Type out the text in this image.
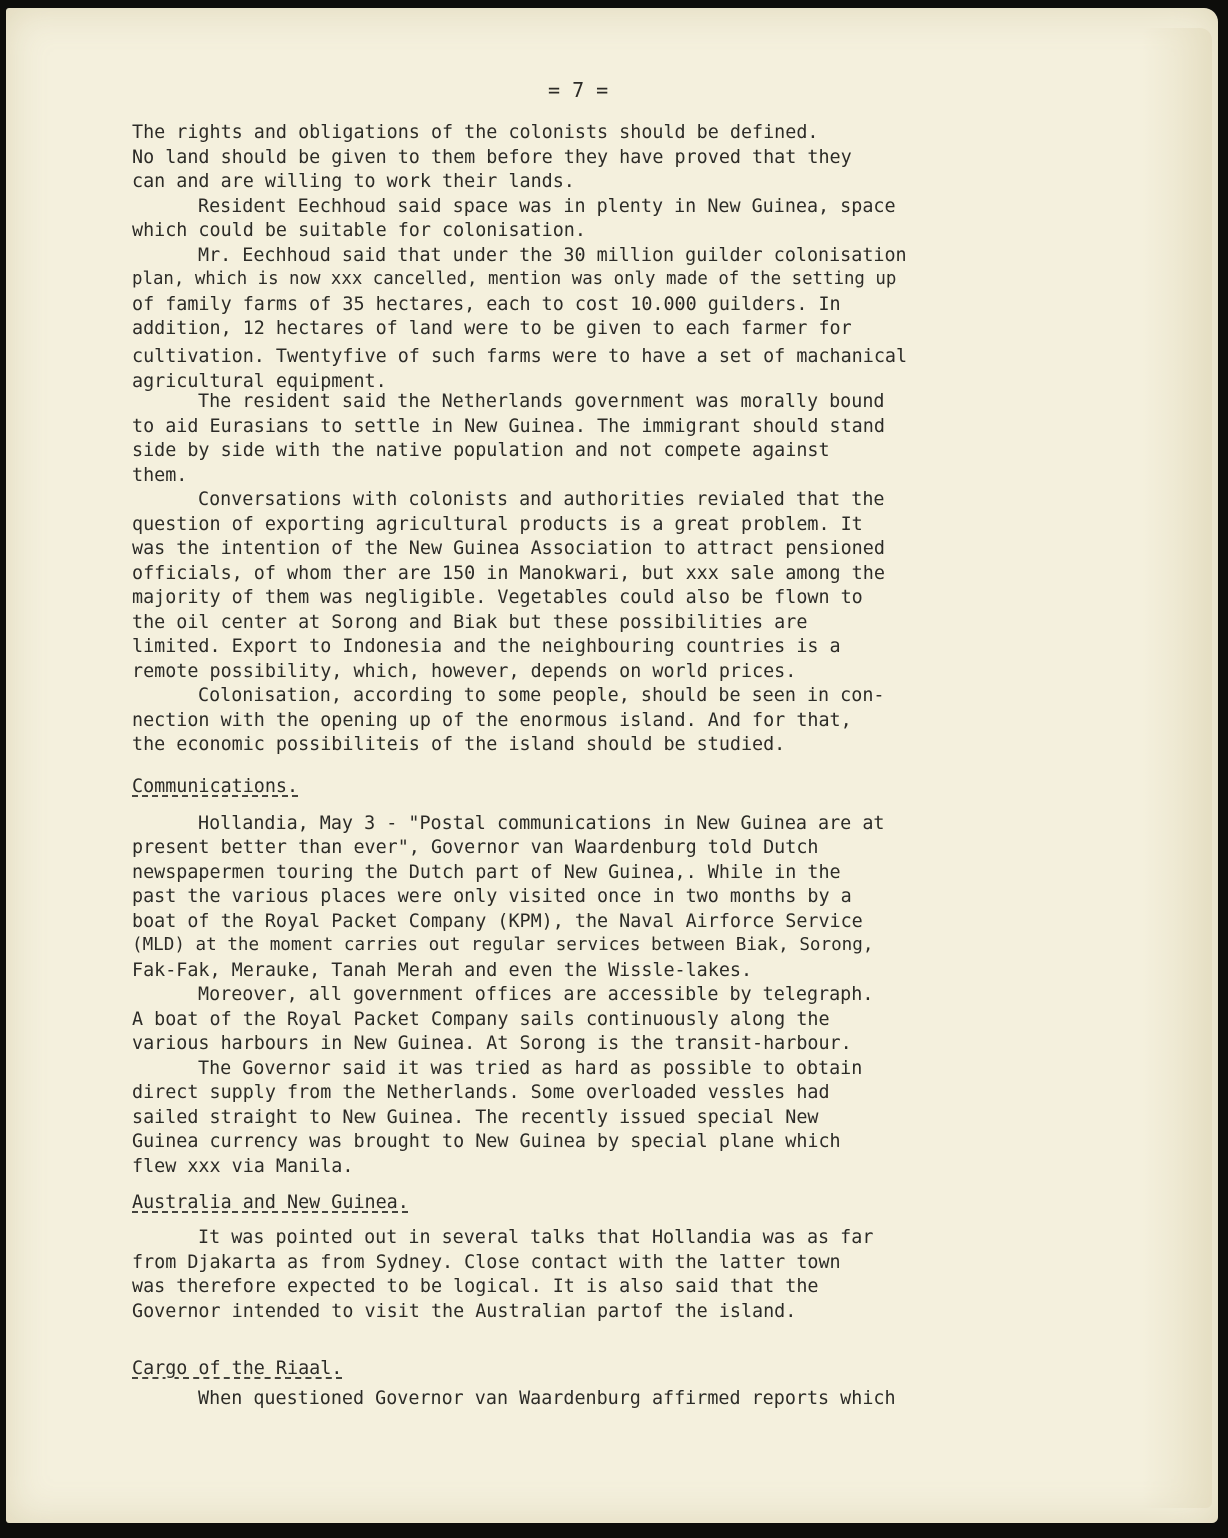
= 7 =

The rights and obligations of the colonists should be defined.

No land should be given to them before they have proved that they

can and are willing to work their lands.

Resident Eechhoud said space was in plenty in New Guinea, space

which could be suitable for colonisation.

Mr. Eechhoud said that under the 30 million guilder colonisation

plan, which is now xxx cancelled, mention was only made of the setting up

of family farms of 35 hectares, each to cost 10.000 guilders. In

addition, 12 hectares of land were to be given to each farmer for

cultivation. Twentyfive of such farms were to have a set of machanical agricultural equipment.

The resident said the Netherlands government was morally bound

to aid Eurasians to settle in New Guinea. The immigrant should stand

side by side with the native population and not compete against

them.

Conversations with colonists and authorities revialed that the

question of exporting agricultural products is a great problem. It

was the intention of the New Guinea Association to attract pensioned

officials, of whom ther are 150 in Manokwari, but xxx sale among the

majority of them was negligible. Vegetables could also be flown to

the oil center at Sorong and Biak but these possibilities are

limited. Export to Indonesia and the neighbouring countries is a

remote possibility, which, however, depends on world prices.

Colonisation, according to some people, should be seen in con-

nection with the opening up of the enormous island. And for that,

the economic possibiliteis of the island should be studied.

Communications.

Hollandia, May 3 - "Postal communications in New Guinea are at

present better than ever", Governor van Waardenburg told Dutch

newspapermen touring the Dutch part of New Guinea,. While in the

past the various places were only visited once in two months by a

boat of the Royal Packet Company (KPM), the Naval Airforce Service

(MLD) at the moment carries out regular services between Biak, Sorong,

Fak-Fak, Merauke, Tanah Merah and even the Wissle-lakes.

Moreover, all government offices are accessible by telegraph.

A boat of the Royal Packet Company sails continuously along the

various harbours in New Guinea. At Sorong is the transit-harbour.

The Governor said it was tried as hard as possible to obtain

direct supply from the Netherlands. Some overloaded vessles had

sailed straight to New Guinea. The recently issued special New

Guinea currency was brought to New Guinea by special plane which

flew xxx via Manila.

Australia and New Guinea.

It was pointed out in several talks that Hollandia was as far

from Djakarta as from Sydney. Close contact with the latter town

was therefore expected to be logical. It is also said that the

Governor intended to visit the Australian partof the island.

Cargo of the Riaal.

When questioned Governor van Waardenburg affirmed reports which
